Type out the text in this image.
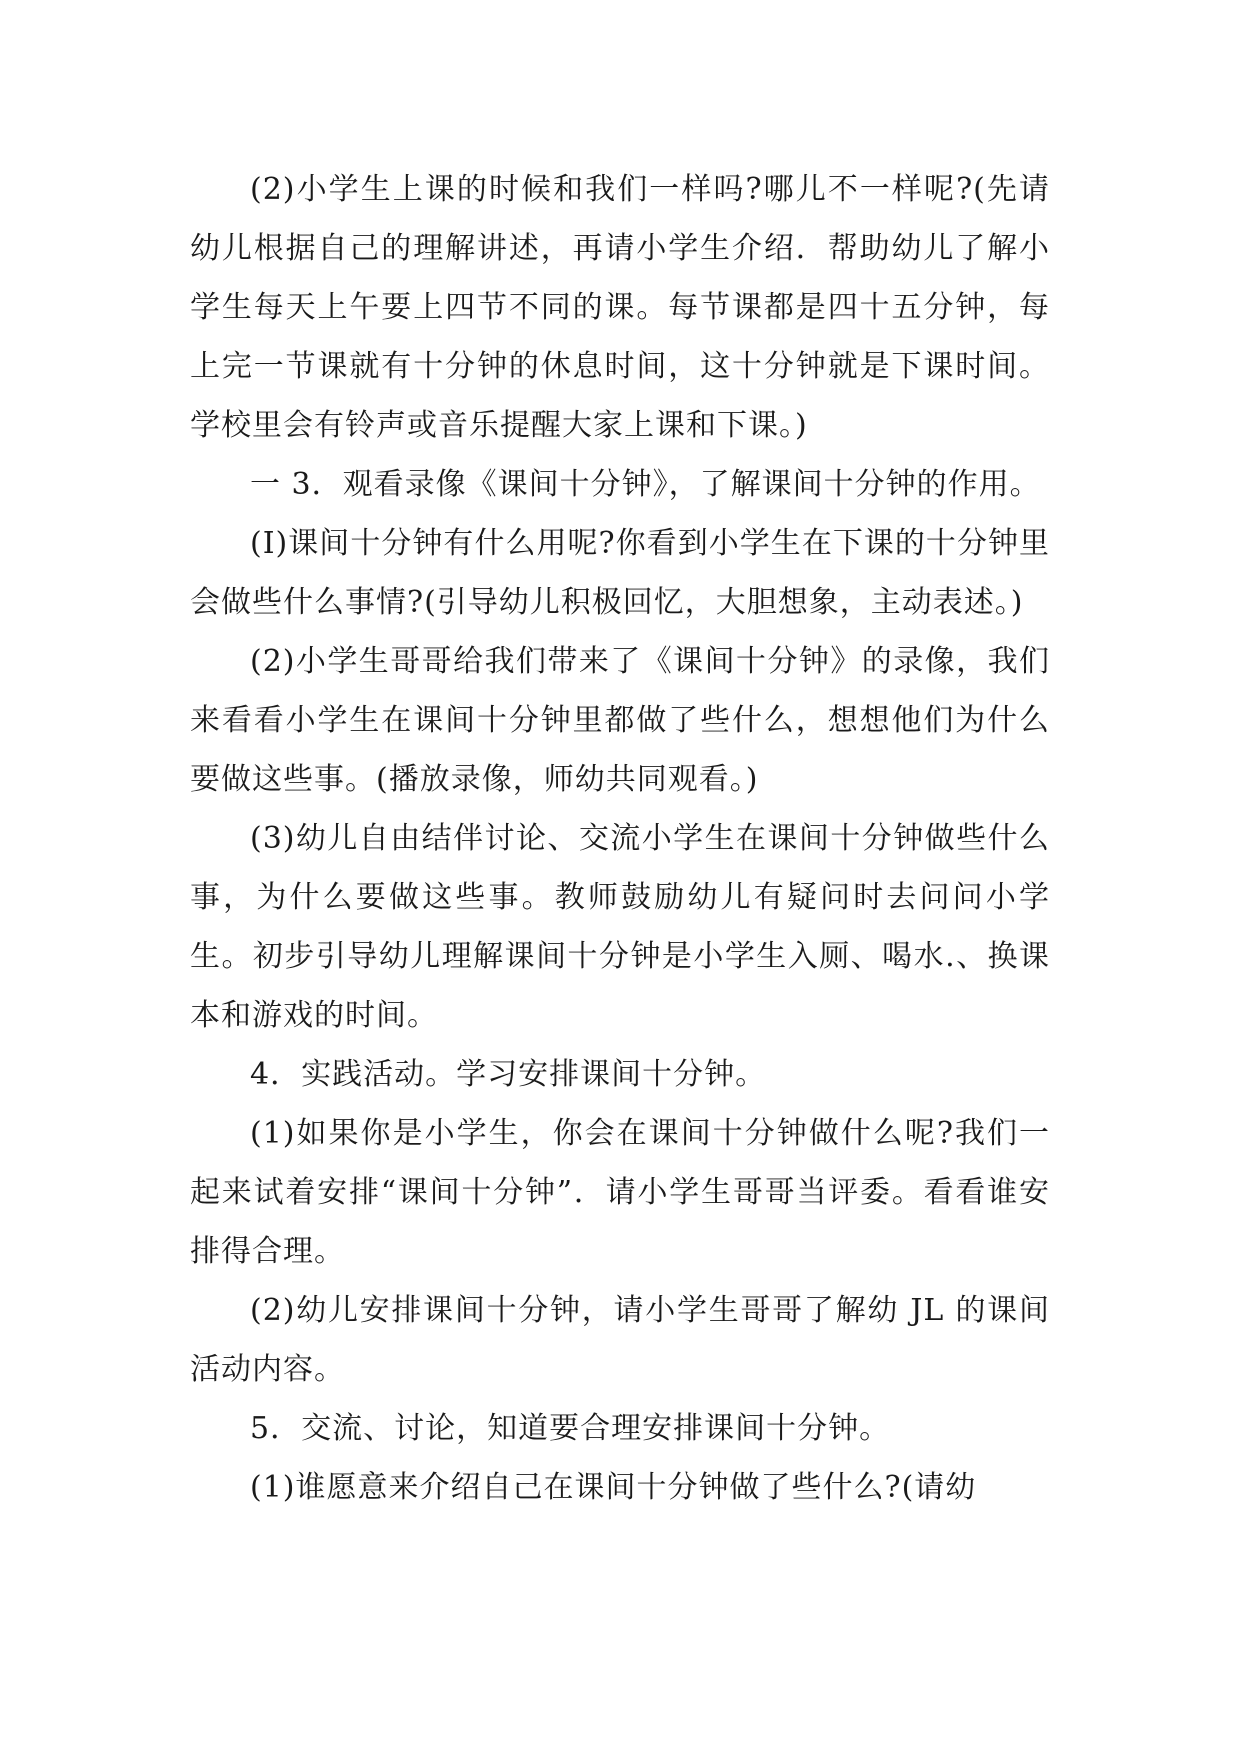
(2)小学生上课的时候和我们一样吗?哪儿不一样呢?(先请幼儿根据自己的理解讲述，再请小学生介绍．帮助幼儿了解小学生每天上午要上四节不同的课。每节课都是四十五分钟，每上完一节课就有十分钟的休息时间，这十分钟就是下课时间。学校里会有铃声或音乐提醒大家上课和下课。)

一 3．观看录像《课间十分钟》，了解课间十分钟的作用。

(I)课间十分钟有什么用呢?你看到小学生在下课的十分钟里会做些什么事情?(引导幼儿积极回忆，大胆想象，主动表述。)

(2)小学生哥哥给我们带来了《课间十分钟》的录像，我们来看看小学生在课间十分钟里都做了些什么，想想他们为什么要做这些事。(播放录像，师幼共同观看。)

(3)幼儿自由结伴讨论、交流小学生在课间十分钟做些什么事，为什么要做这些事。教师鼓励幼儿有疑问时去问问小学生。初步引导幼儿理解课间十分钟是小学生入厕、喝水.、换课本和游戏的时间。

4．实践活动。学习安排课间十分钟。

(1)如果你是小学生，你会在课间十分钟做什么呢?我们一起来试着安排“课间十分钟”．请小学生哥哥当评委。看看谁安排得合理。

(2)幼儿安排课间十分钟，请小学生哥哥了解幼 JL 的课间活动内容。

5．交流、讨论，知道要合理安排课间十分钟。

(1)谁愿意来介绍自己在课间十分钟做了些什么?(请幼
